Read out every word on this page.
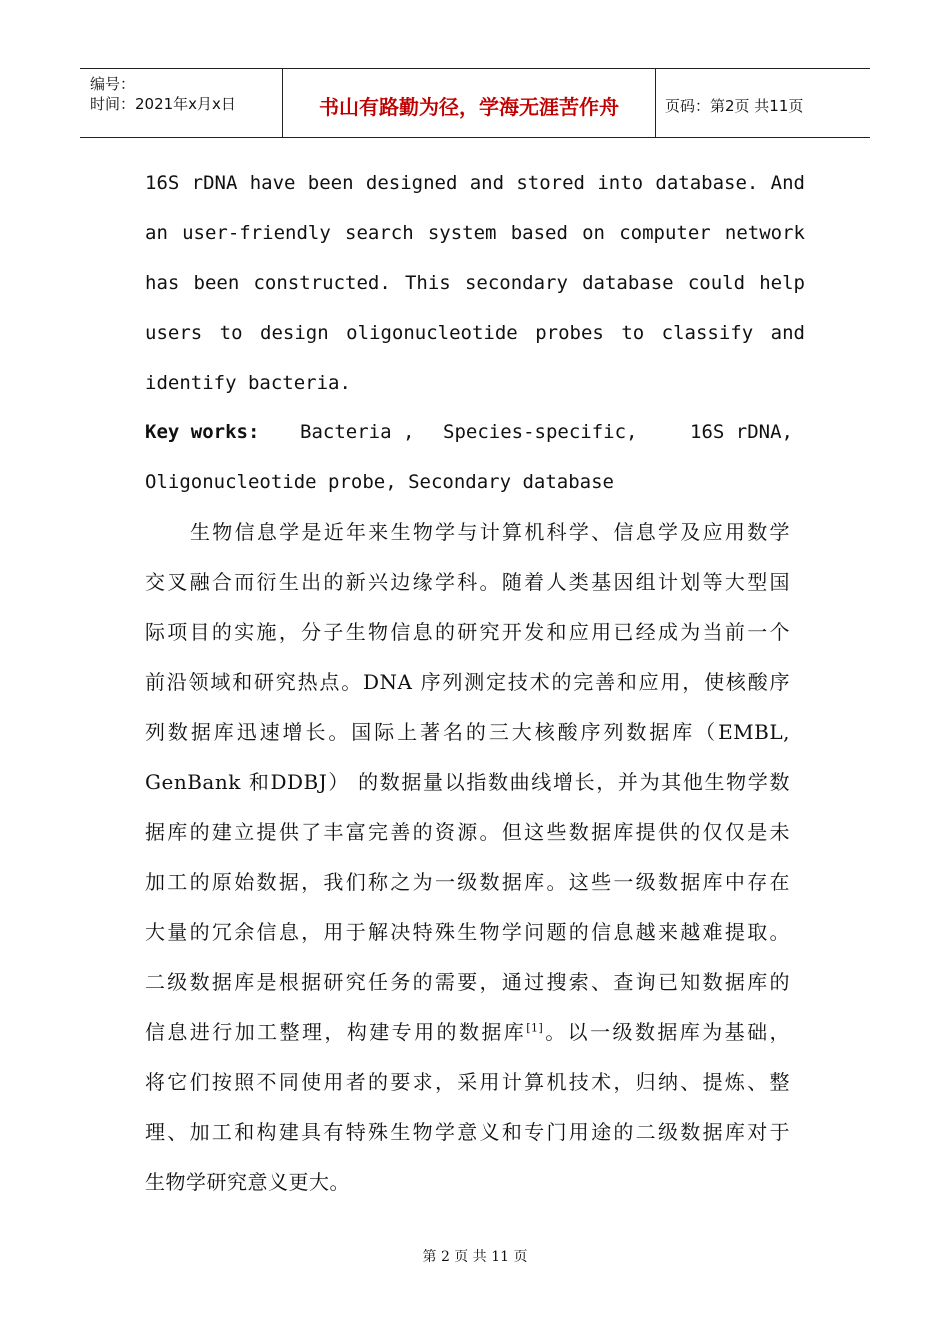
编号：
时间：2021年x月x日	书山有路勤为径，学海无涯苦作舟	页码：第2页 共11页
16S rDNA have been designed and stored into database. And
an user-friendly search system based on computer network
has been constructed. This secondary database could help
users to design oligonucleotide probes to classify and
identify bacteria.
Key works: Bacteria , Species-specific,	16S rDNA,
Oligonucleotide probe, Secondary database
生物信息学是近年来生物学与计算机科学、信息学及应用数学
交叉融合而衍生出的新兴边缘学科。随着人类基因组计划等大型国
际项目的实施，分子生物信息的研究开发和应用已经成为当前一个
前沿领域和研究热点。DNA 序列测定技术的完善和应用，使核酸序
列数据库迅速增长。国际上著名的三大核酸序列数据库（EMBL,
GenBank 和DDBJ） 的数据量以指数曲线增长，并为其他生物学数
据库的建立提供了丰富完善的资源。但这些数据库提供的仅仅是未
加工的原始数据，我们称之为一级数据库。这些一级数据库中存在
大量的冗余信息，用于解决特殊生物学问题的信息越来越难提取。
二级数据库是根据研究任务的需要，通过搜索、查询已知数据库的
信息进行加工整理，构建专用的数据库[1]。以一级数据库为基础，
将它们按照不同使用者的要求，采用计算机技术，归纳、提炼、整
理、加工和构建具有特殊生物学意义和专门用途的二级数据库对于
生物学研究意义更大。
第 2 页 共 11 页
